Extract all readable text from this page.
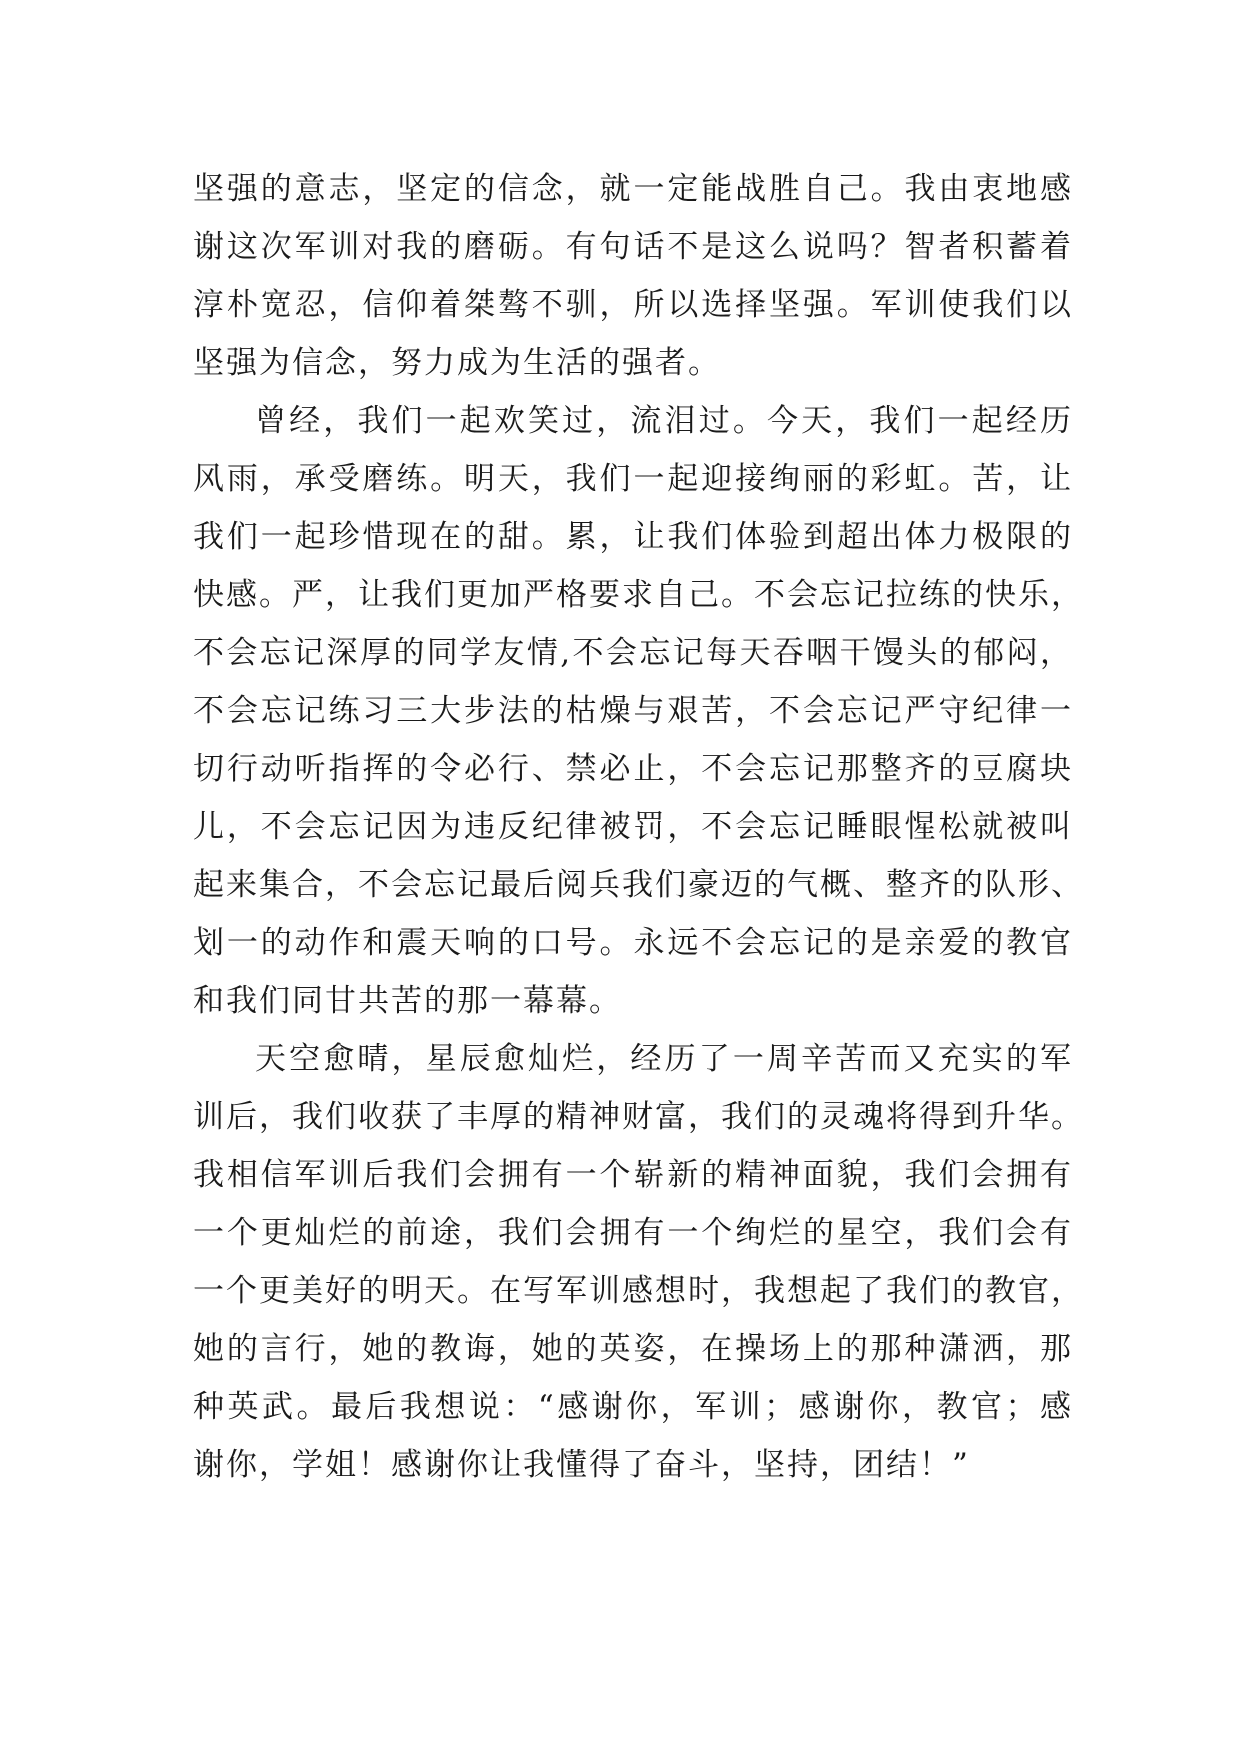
坚强的意志，坚定的信念，就一定能战胜自己。我由衷地感
谢这次军训对我的磨砺。有句话不是这么说吗？智者积蓄着
淳朴宽忍，信仰着桀骜不驯，所以选择坚强。军训使我们以
坚强为信念，努力成为生活的强者。
曾经，我们一起欢笑过，流泪过。今天，我们一起经历
风雨，承受磨练。明天，我们一起迎接绚丽的彩虹。苦，让
我们一起珍惜现在的甜。累，让我们体验到超出体力极限的
快感。严，让我们更加严格要求自己。不会忘记拉练的快乐，
不会忘记深厚的同学友情,不会忘记每天吞咽干馒头的郁闷，
不会忘记练习三大步法的枯燥与艰苦，不会忘记严守纪律一
切行动听指挥的令必行、禁必止，不会忘记那整齐的豆腐块
儿，不会忘记因为违反纪律被罚，不会忘记睡眼惺松就被叫
起来集合，不会忘记最后阅兵我们豪迈的气概、整齐的队形、
划一的动作和震天响的口号。永远不会忘记的是亲爱的教官
和我们同甘共苦的那一幕幕。
天空愈晴，星辰愈灿烂，经历了一周辛苦而又充实的军
训后，我们收获了丰厚的精神财富，我们的灵魂将得到升华。
我相信军训后我们会拥有一个崭新的精神面貌，我们会拥有
一个更灿烂的前途，我们会拥有一个绚烂的星空，我们会有
一个更美好的明天。在写军训感想时，我想起了我们的教官，
她的言行，她的教诲，她的英姿，在操场上的那种潇洒，那
种英武。最后我想说：“感谢你，军训；感谢你，教官；感
谢你，学姐！感谢你让我懂得了奋斗，坚持，团结！”
